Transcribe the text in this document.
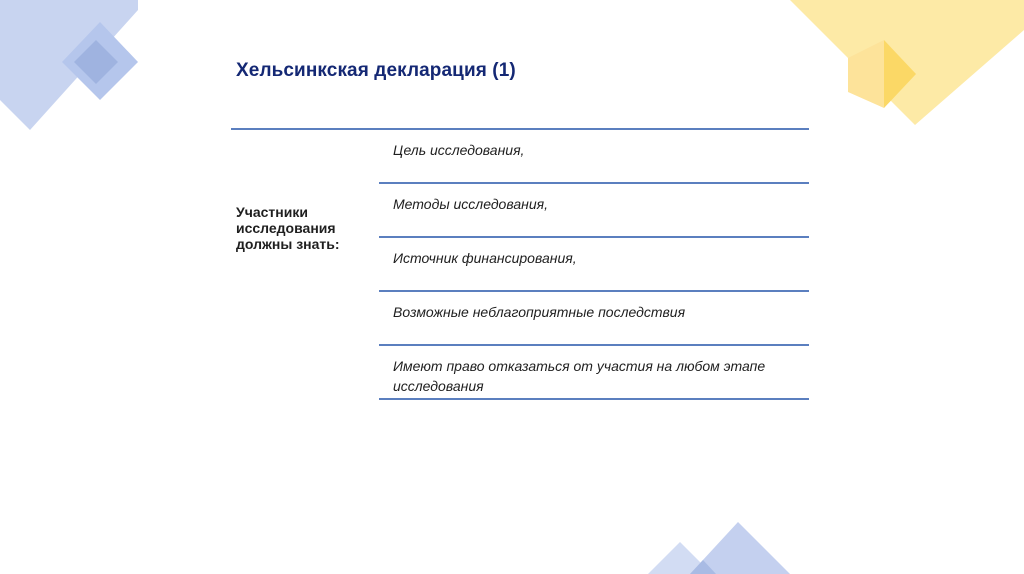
Хельсинкская декларация (1)
Участники исследования должны знать:
Цель исследования,
Методы исследования,
Источник финансирования,
Возможные неблагоприятные последствия
Имеют право отказаться от участия на любом этапе исследования
